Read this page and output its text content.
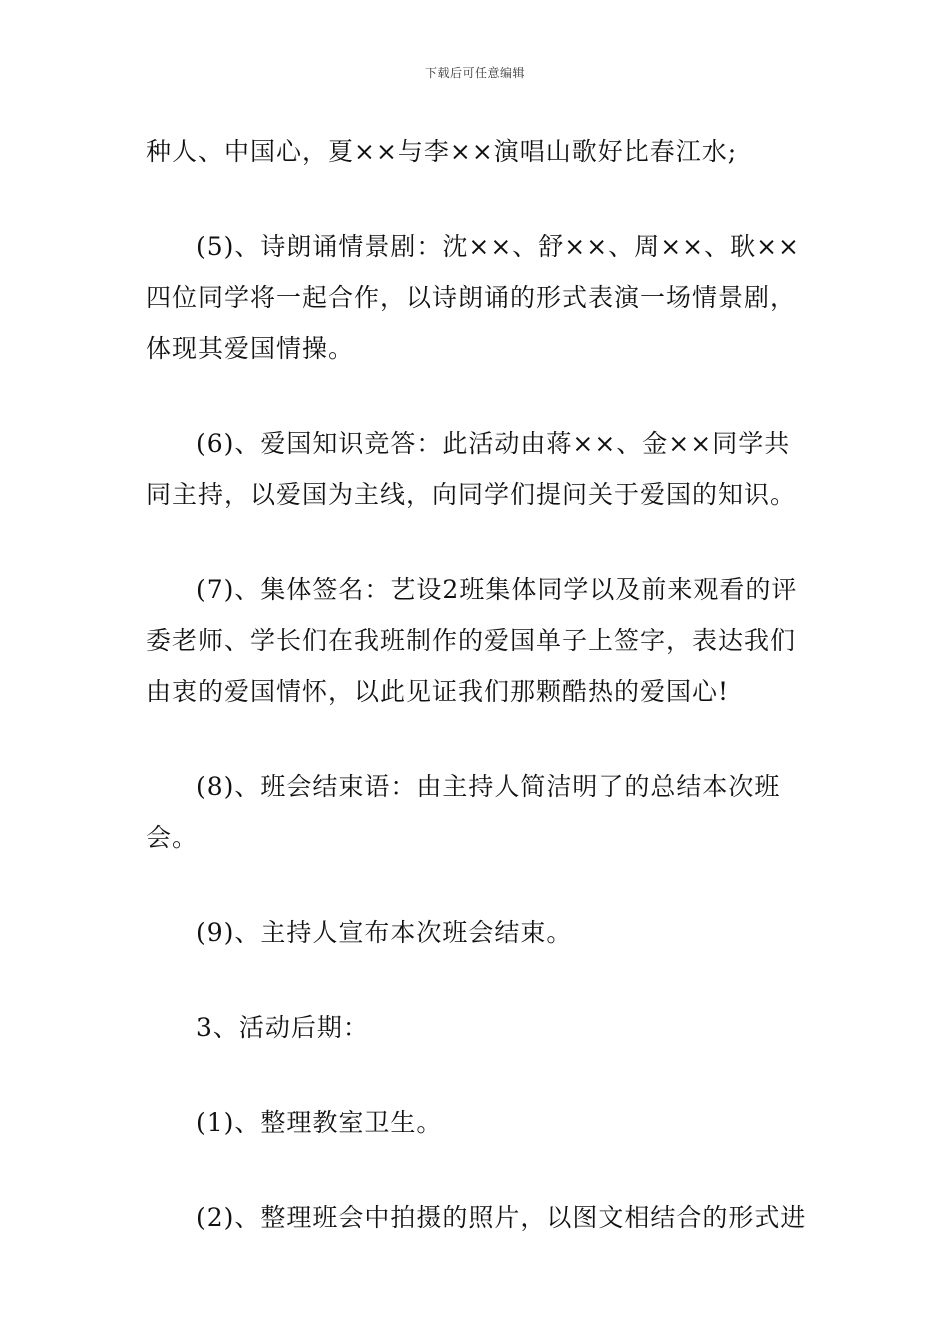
下载后可任意编辑

种人、中国心，夏××与李××演唱山歌好比春江水;

(5)、诗朗诵情景剧：沈××、舒××、周××、耿××四位同学将一起合作，以诗朗诵的形式表演一场情景剧，体现其爱国情操。

(6)、爱国知识竞答：此活动由蒋××、金××同学共同主持，以爱国为主线，向同学们提问关于爱国的知识。

(7)、集体签名：艺设2班集体同学以及前来观看的评委老师、学长们在我班制作的爱国单子上签字，表达我们由衷的爱国情怀，以此见证我们那颗酷热的爱国心!

(8)、班会结束语：由主持人简洁明了的总结本次班会。

(9)、主持人宣布本次班会结束。

3、活动后期：

(1)、整理教室卫生。

(2)、整理班会中拍摄的照片，以图文相结合的形式进
